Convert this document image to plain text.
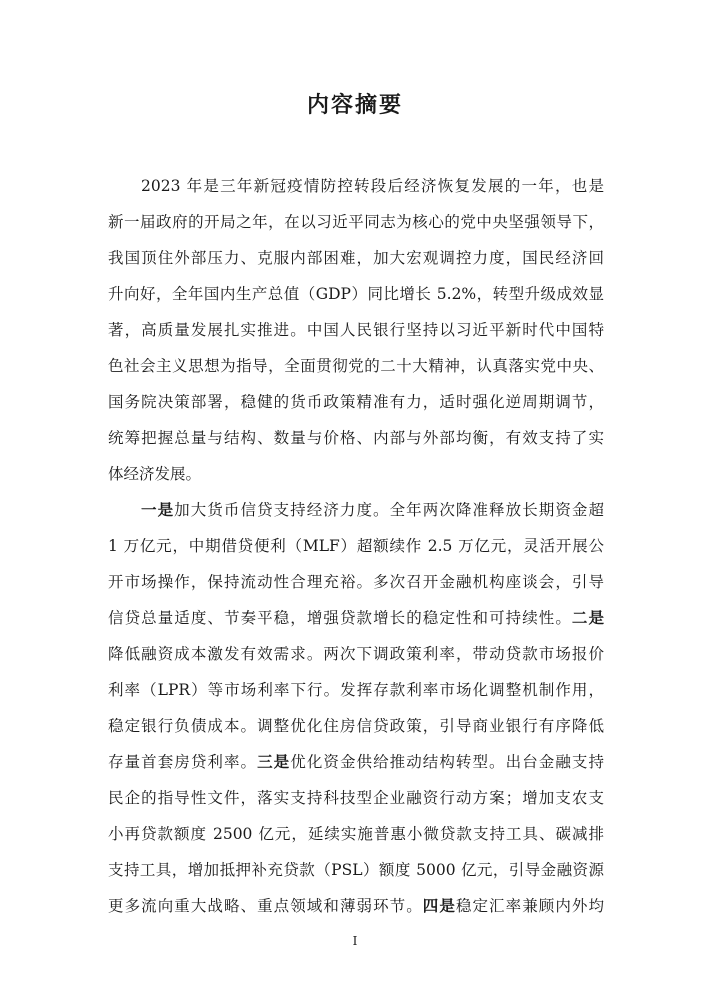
内容摘要
2023 年是三年新冠疫情防控转段后经济恢复发展的一年，也是
新一届政府的开局之年，在以习近平同志为核心的党中央坚强领导下，
我国顶住外部压力、克服内部困难，加大宏观调控力度，国民经济回
升向好，全年国内生产总值（GDP）同比增长 5.2%，转型升级成效显
著，高质量发展扎实推进。中国人民银行坚持以习近平新时代中国特
色社会主义思想为指导，全面贯彻党的二十大精神，认真落实党中央、
国务院决策部署，稳健的货币政策精准有力，适时强化逆周期调节，
统筹把握总量与结构、数量与价格、内部与外部均衡，有效支持了实
体经济发展。
一是加大货币信贷支持经济力度。全年两次降准释放长期资金超
1 万亿元，中期借贷便利（MLF）超额续作 2.5 万亿元，灵活开展公
开市场操作，保持流动性合理充裕。多次召开金融机构座谈会，引导
信贷总量适度、节奏平稳，增强贷款增长的稳定性和可持续性。二是
降低融资成本激发有效需求。两次下调政策利率，带动贷款市场报价
利率（LPR）等市场利率下行。发挥存款利率市场化调整机制作用，
稳定银行负债成本。调整优化住房信贷政策，引导商业银行有序降低
存量首套房贷利率。三是优化资金供给推动结构转型。出台金融支持
民企的指导性文件，落实支持科技型企业融资行动方案；增加支农支
小再贷款额度 2500 亿元，延续实施普惠小微贷款支持工具、碳减排
支持工具，增加抵押补充贷款（PSL）额度 5000 亿元，引导金融资源
更多流向重大战略、重点领域和薄弱环节。四是稳定汇率兼顾内外均
I
